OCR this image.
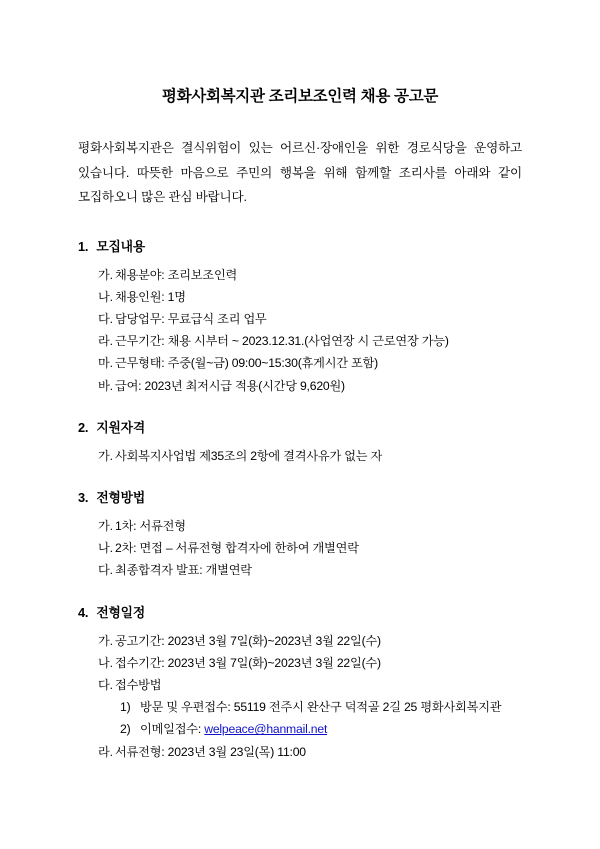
평화사회복지관 조리보조인력 채용 공고문

평화사회복지관은 결식위험이 있는 어르신·장애인을 위한 경로식당을 운영하고 있습니다. 따뜻한 마음으로 주민의 행복을 위해 함께할 조리사를 아래와 같이 모집하오니 많은 관심 바랍니다.

1. 모집내용
가. 채용분야: 조리보조인력
나. 채용인원: 1명
다. 담당업무: 무료급식 조리 업무
라. 근무기간: 채용 시부터 ~ 2023.12.31.(사업연장 시 근로연장 가능)
마. 근무형태: 주중(월~금) 09:00~15:30(휴게시간 포함)
바. 급여: 2023년 최저시급 적용(시간당 9,620원)
2. 지원자격
가. 사회복지사업법 제35조의 2항에 결격사유가 없는 자
3. 전형방법
가. 1차: 서류전형
나. 2차: 면접 – 서류전형 합격자에 한하여 개별연락
다. 최종합격자 발표: 개별연락
4. 전형일정
가. 공고기간: 2023년 3월 7일(화)~2023년 3월 22일(수)
나. 접수기간: 2023년 3월 7일(화)~2023년 3월 22일(수)
다. 접수방법
1) 방문 및 우편접수: 55119 전주시 완산구 덕적골 2길 25 평화사회복지관
2) 이메일접수: welpeace@hanmail.net
라. 서류전형: 2023년 3월 23일(목) 11:00
